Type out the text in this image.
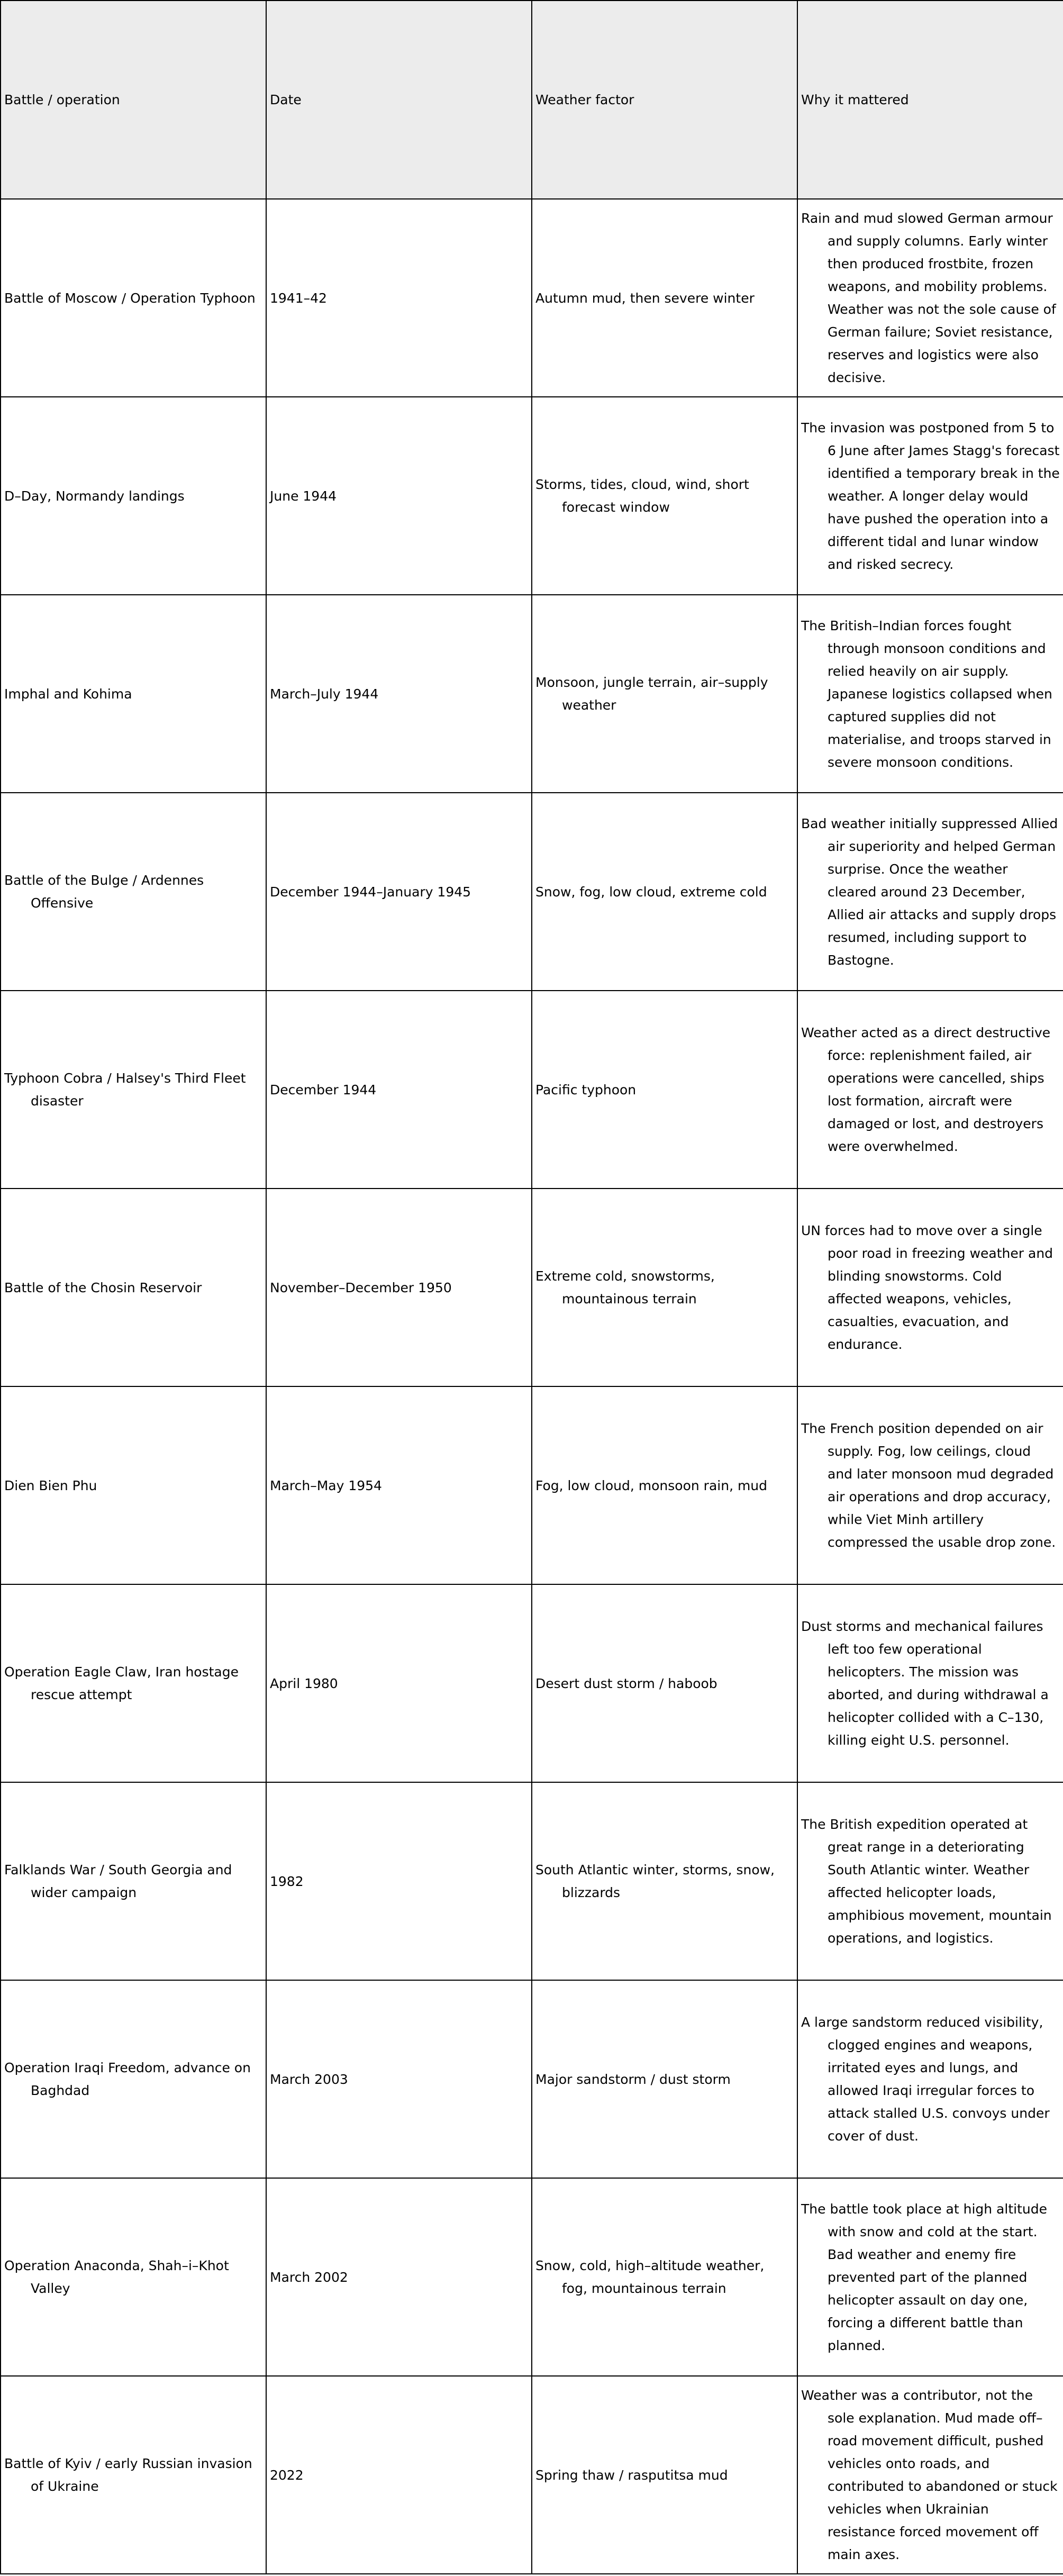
Battle / operation	Date	Weather factor	Why it mattered

Battle of Moscow / Operation Typhoon	1941–42	Autumn mud, then severe winter	Rain and mud slowed German armour and supply columns. Early winter then produced frostbite, frozen weapons, and mobility problems. Weather was not the sole cause of German failure; Soviet resistance, reserves and logistics were also decisive.

D–Day, Normandy landings	June 1944	Storms, tides, cloud, wind, short forecast window	The invasion was postponed from 5 to 6 June after James Stagg's forecast identified a temporary break in the weather. A longer delay would have pushed the operation into a different tidal and lunar window and risked secrecy.

Imphal and Kohima	March–July 1944	Monsoon, jungle terrain, air–supply weather	The British–Indian forces fought through monsoon conditions and relied heavily on air supply. Japanese logistics collapsed when captured supplies did not materialise, and troops starved in severe monsoon conditions.

Battle of the Bulge / Ardennes Offensive	December 1944–January 1945	Snow, fog, low cloud, extreme cold	Bad weather initially suppressed Allied air superiority and helped German surprise. Once the weather cleared around 23 December, Allied air attacks and supply drops resumed, including support to Bastogne.

Typhoon Cobra / Halsey's Third Fleet disaster	December 1944	Pacific typhoon	Weather acted as a direct destructive force: replenishment failed, air operations were cancelled, ships lost formation, aircraft were damaged or lost, and destroyers were overwhelmed.

Battle of the Chosin Reservoir	November–December 1950	Extreme cold, snowstorms, mountainous terrain	UN forces had to move over a single poor road in freezing weather and blinding snowstorms. Cold affected weapons, vehicles, casualties, evacuation, and endurance.

Dien Bien Phu	March–May 1954	Fog, low cloud, monsoon rain, mud	The French position depended on air supply. Fog, low ceilings, cloud and later monsoon mud degraded air operations and drop accuracy, while Viet Minh artillery compressed the usable drop zone.

Operation Eagle Claw, Iran hostage rescue attempt	April 1980	Desert dust storm / haboob	Dust storms and mechanical failures left too few operational helicopters. The mission was aborted, and during withdrawal a helicopter collided with a C–130, killing eight U.S. personnel.

Falklands War / South Georgia and wider campaign	1982	South Atlantic winter, storms, snow, blizzards	The British expedition operated at great range in a deteriorating South Atlantic winter. Weather affected helicopter loads, amphibious movement, mountain operations, and logistics.

Operation Iraqi Freedom, advance on Baghdad	March 2003	Major sandstorm / dust storm	A large sandstorm reduced visibility, clogged engines and weapons, irritated eyes and lungs, and allowed Iraqi irregular forces to attack stalled U.S. convoys under cover of dust.

Operation Anaconda, Shah–i–Khot Valley	March 2002	Snow, cold, high–altitude weather, fog, mountainous terrain	The battle took place at high altitude with snow and cold at the start. Bad weather and enemy fire prevented part of the planned helicopter assault on day one, forcing a different battle than planned.

Battle of Kyiv / early Russian invasion of Ukraine	2022	Spring thaw / rasputitsa mud	Weather was a contributor, not the sole explanation. Mud made off–road movement difficult, pushed vehicles onto roads, and contributed to abandoned or stuck vehicles when Ukrainian resistance forced movement off main axes.
